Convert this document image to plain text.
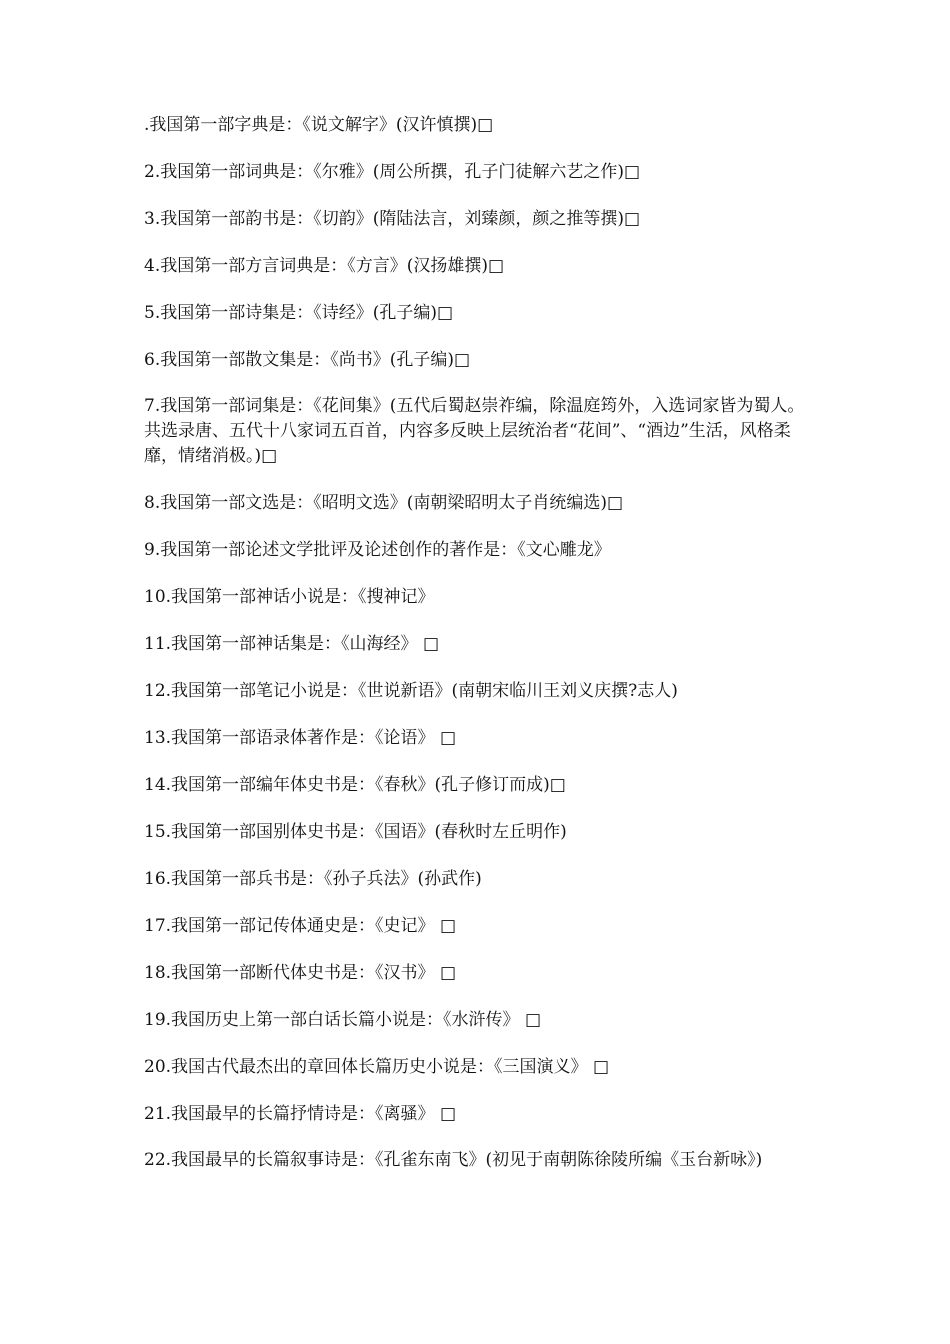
.我国第一部字典是：《说文解字》(汉许慎撰)□

2.我国第一部词典是：《尔雅》(周公所撰，孔子门徒解六艺之作)□

3.我国第一部韵书是：《切韵》(隋陆法言，刘臻颜，颜之推等撰)□

4.我国第一部方言词典是：《方言》(汉扬雄撰)□

5.我国第一部诗集是：《诗经》(孔子编)□

6.我国第一部散文集是：《尚书》(孔子编)□

7.我国第一部词集是：《花间集》(五代后蜀赵崇祚编，除温庭筠外，入选词家皆为蜀人。 共选录唐、五代十八家词五百首，内容多反映上层统治者“花间”、“酒边”生活，风格柔 靡，情绪消极。)□

8.我国第一部文选是：《昭明文选》(南朝梁昭明太子肖统编选)□

9.我国第一部论述文学批评及论述创作的著作是：《文心雕龙》

10.我国第一部神话小说是：《搜神记》

11.我国第一部神话集是：《山海经》 □

12.我国第一部笔记小说是：《世说新语》(南朝宋临川王刘义庆撰?志人)

13.我国第一部语录体著作是：《论语》 □

14.我国第一部编年体史书是：《春秋》(孔子修订而成)□

15.我国第一部国别体史书是：《国语》(春秋时左丘明作)

16.我国第一部兵书是：《孙子兵法》(孙武作)

17.我国第一部记传体通史是：《史记》 □

18.我国第一部断代体史书是：《汉书》 □

19.我国历史上第一部白话长篇小说是：《水浒传》 □

20.我国古代最杰出的章回体长篇历史小说是：《三国演义》 □

21.我国最早的长篇抒情诗是：《离骚》 □

22.我国最早的长篇叙事诗是：《孔雀东南飞》(初见于南朝陈徐陵所编《玉台新咏》)
